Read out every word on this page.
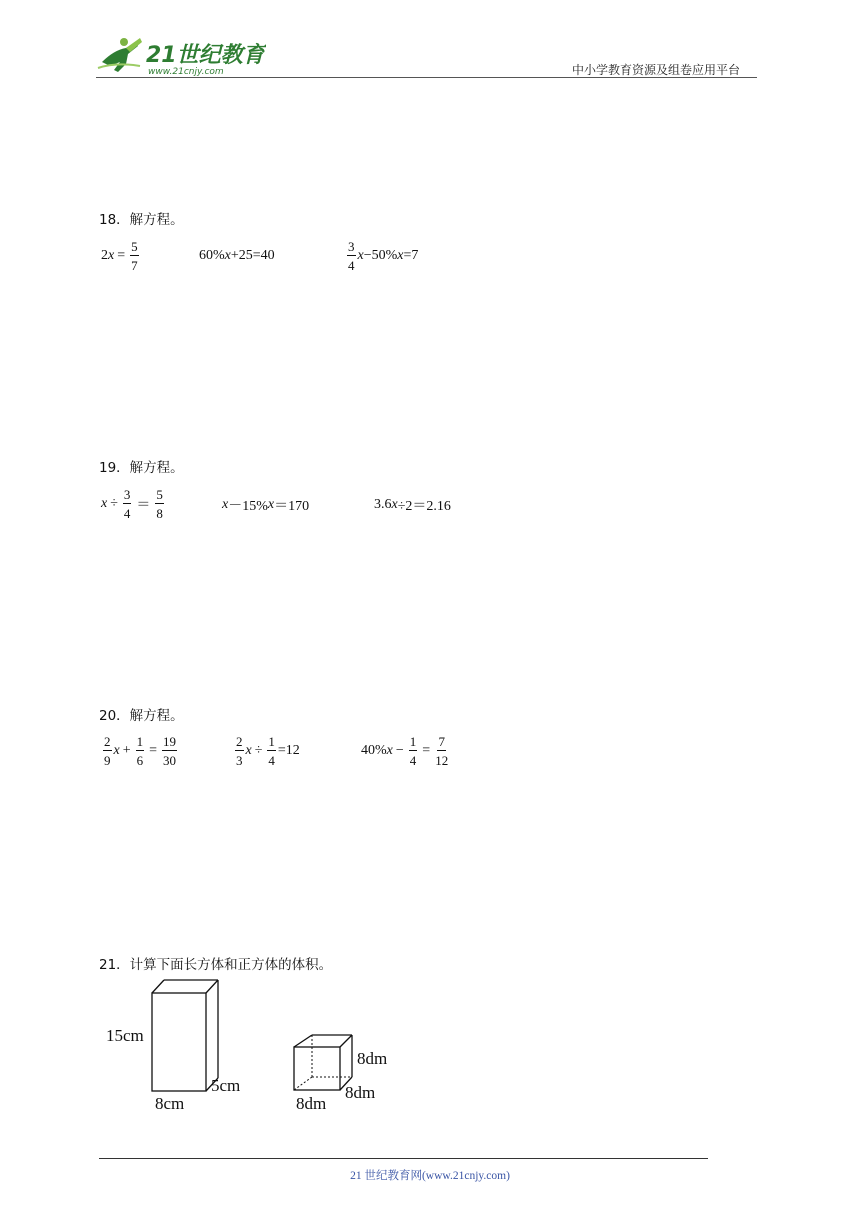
21世纪教育
www.21cnjy.com	中小学教育资源及组卷应用平台
18．解方程。
2 $x = \frac{5}{7}$	60% x +25=40	$\frac{3}{4}$ x −50% x =7
19．解方程。
$x \div \frac{3}{4} = \frac{5}{8}$	x －15% x ＝170	3.6 x ÷2＝2.16
20．解方程。
$\frac{2}{9}$ $x + \frac{1}{6} = \frac{19}{30}$	$\frac{2}{3}$ $x \div \frac{1}{4} =12$	40% $x - \frac{1}{4} = \frac{7}{12}$
21．计算下面长方体和正方体的体积。
15cm
5cm
8cm
8dm
8dm
8dm
21 世纪教育网(www.21cnjy.com)
